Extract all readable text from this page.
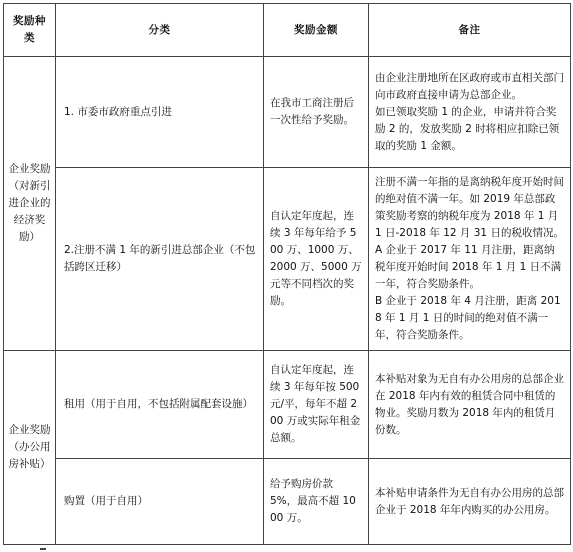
奖励种类	分类	奖励金额	备注
企业奖励（对新引进企业的经济奖励）	1. 市委市政府重点引进	在我市工商注册后一次性给予奖励。	由企业注册地所在区政府或市直相关部门向市政府直接申请为总部企业。
如已领取奖励 1 的企业，申请并符合奖励 2 的，发放奖励 2 时将相应扣除已领取的奖励 1 金额。

	2.注册不满 1 年的新引进总部企业（不包括跨区迁移）	自认定年度起，连续 3 年每年给予 500 万、1000 万、2000 万、5000 万元等不同档次的奖励。	注册不满一年指的是离纳税年度开始时间的绝对值不满一年。如 2019 年总部政策奖励考察的纳税年度为 2018 年 1 月 1 日-2018 年 12 月 31 日的税收情况。A 企业于 2017 年 11 月注册，距离纳税年度开始时间 2018 年 1 月 1 日不满一年，符合奖励条件。
B 企业于 2018 年 4 月注册，距离 2018 年 1 月 1 日的时间的绝对值不满一年，符合奖励条件。

企业奖励（办公用房补贴）	租用（用于自用，不包括附属配套设施）	自认定年度起，连续 3 年每年按 500 元/平，每年不超 200 万或实际年租金总额。	本补贴对象为无自有办公用房的总部企业在 2018 年内有效的租赁合同中租赁的物业。奖励月数为 2018 年内的租赁月份数。

	购置（用于自用）	给予购房价款 5%，最高不超 1000 万。	本补贴申请条件为无自有办公用房的总部企业于 2018 年年内购买的办公用房。
